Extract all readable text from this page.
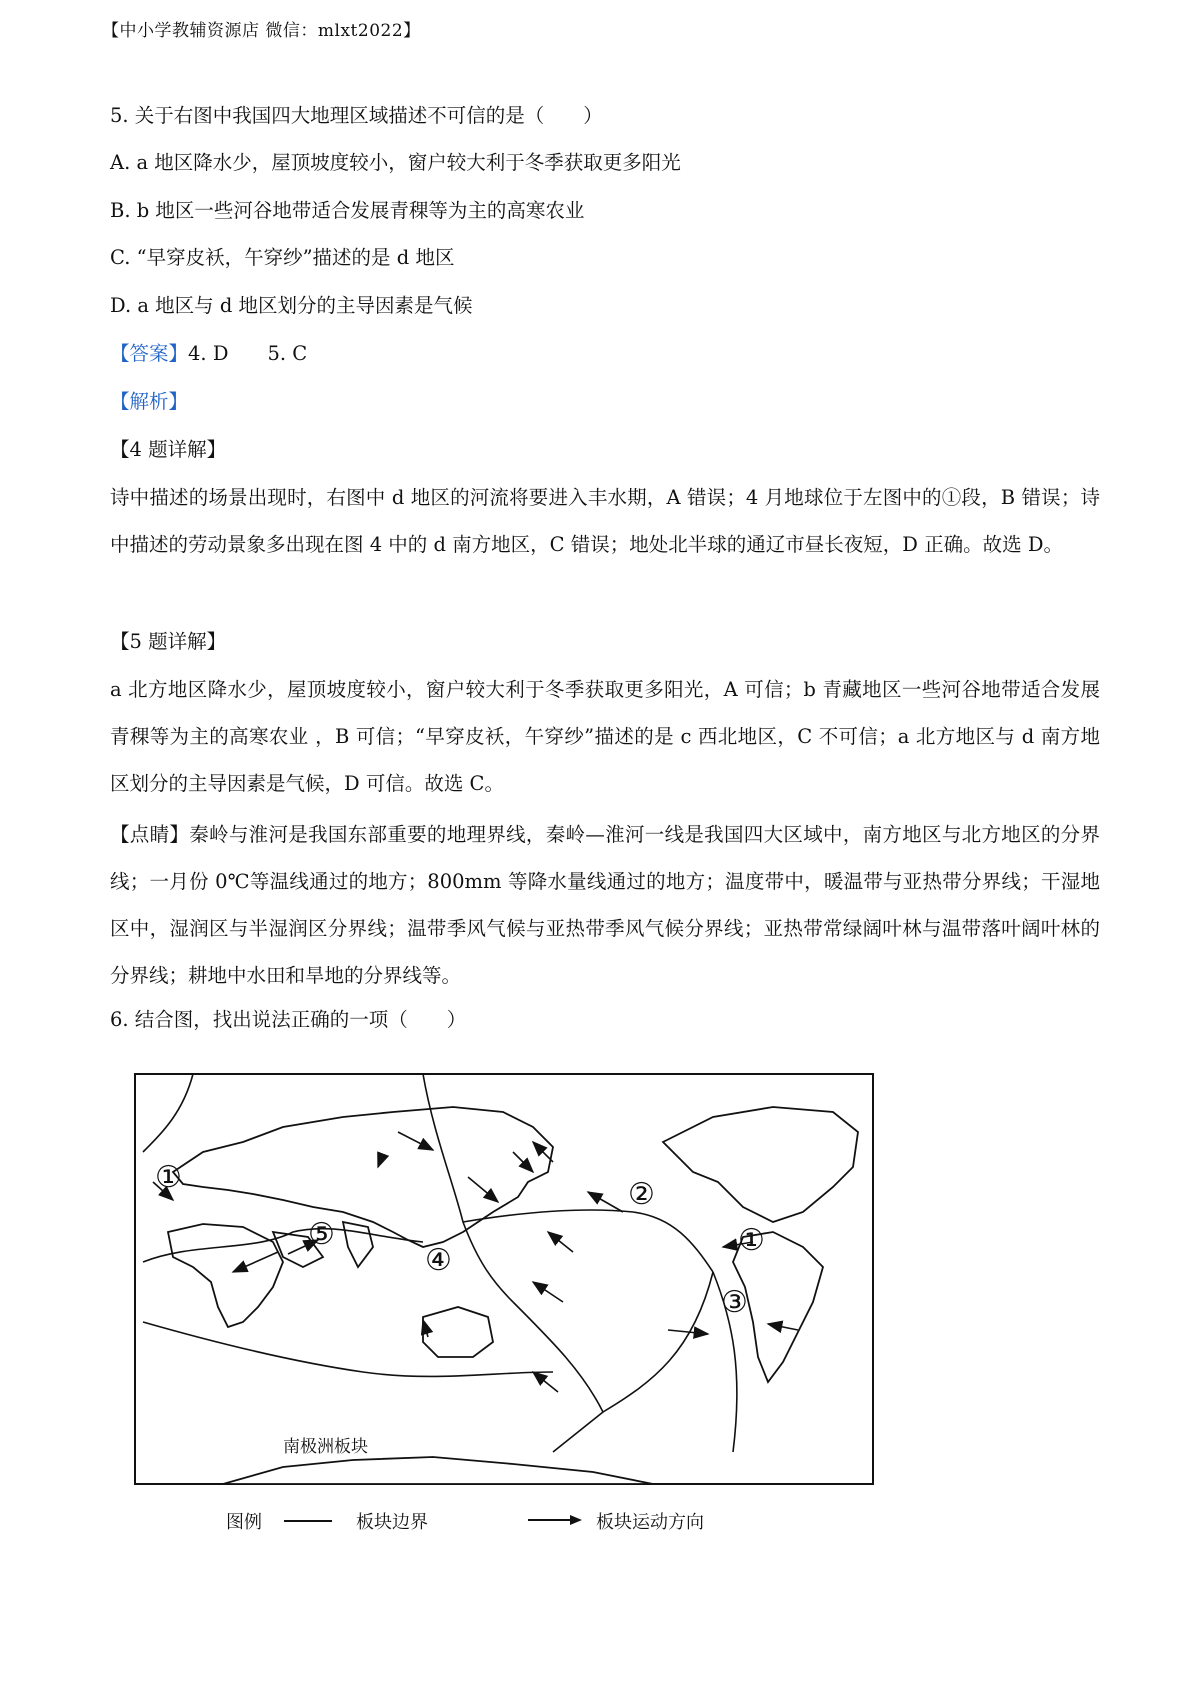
【中小学教辅资源店 微信：mlxt2022】
5. 关于右图中我国四大地理区域描述不可信的是（　　）
A. a 地区降水少，屋顶坡度较小，窗户较大利于冬季获取更多阳光
B. b 地区一些河谷地带适合发展青稞等为主的高寒农业
C. “早穿皮袄，午穿纱”描述的是 d 地区
D. a 地区与 d 地区划分的主导因素是气候
【答案】4. D　　5. C
【解析】
【4 题详解】
诗中描述的场景出现时，右图中 d 地区的河流将要进入丰水期，A 错误；4 月地球位于左图中的①段，B 错误；诗中描述的劳动景象多出现在图 4 中的 d 南方地区，C 错误；地处北半球的通辽市昼长夜短，D 正确。故选 D。
【5 题详解】
a 北方地区降水少，屋顶坡度较小，窗户较大利于冬季获取更多阳光，A 可信；b 青藏地区一些河谷地带适合发展青稞等为主的高寒农业 ，B 可信；“早穿皮袄，午穿纱”描述的是 c 西北地区，C 不可信；a 北方地区与 d 南方地区划分的主导因素是气候，D 可信。故选 C。
【点睛】秦岭与淮河是我国东部重要的地理界线，秦岭—淮河一线是我国四大区域中，南方地区与北方地区的分界线；一月份 0℃等温线通过的地方；800mm 等降水量线通过的地方；温度带中，暖温带与亚热带分界线；干湿地区中，湿润区与半湿润区分界线；温带季风气候与亚热带季风气候分界线；亚热带常绿阔叶林与温带落叶阔叶林的分界线；耕地中水田和旱地的分界线等。
6. 结合图，找出说法正确的一项（　　）
①	②
③
④
⑤	①
南极洲板块
图例	板块边界	板块运动方向
